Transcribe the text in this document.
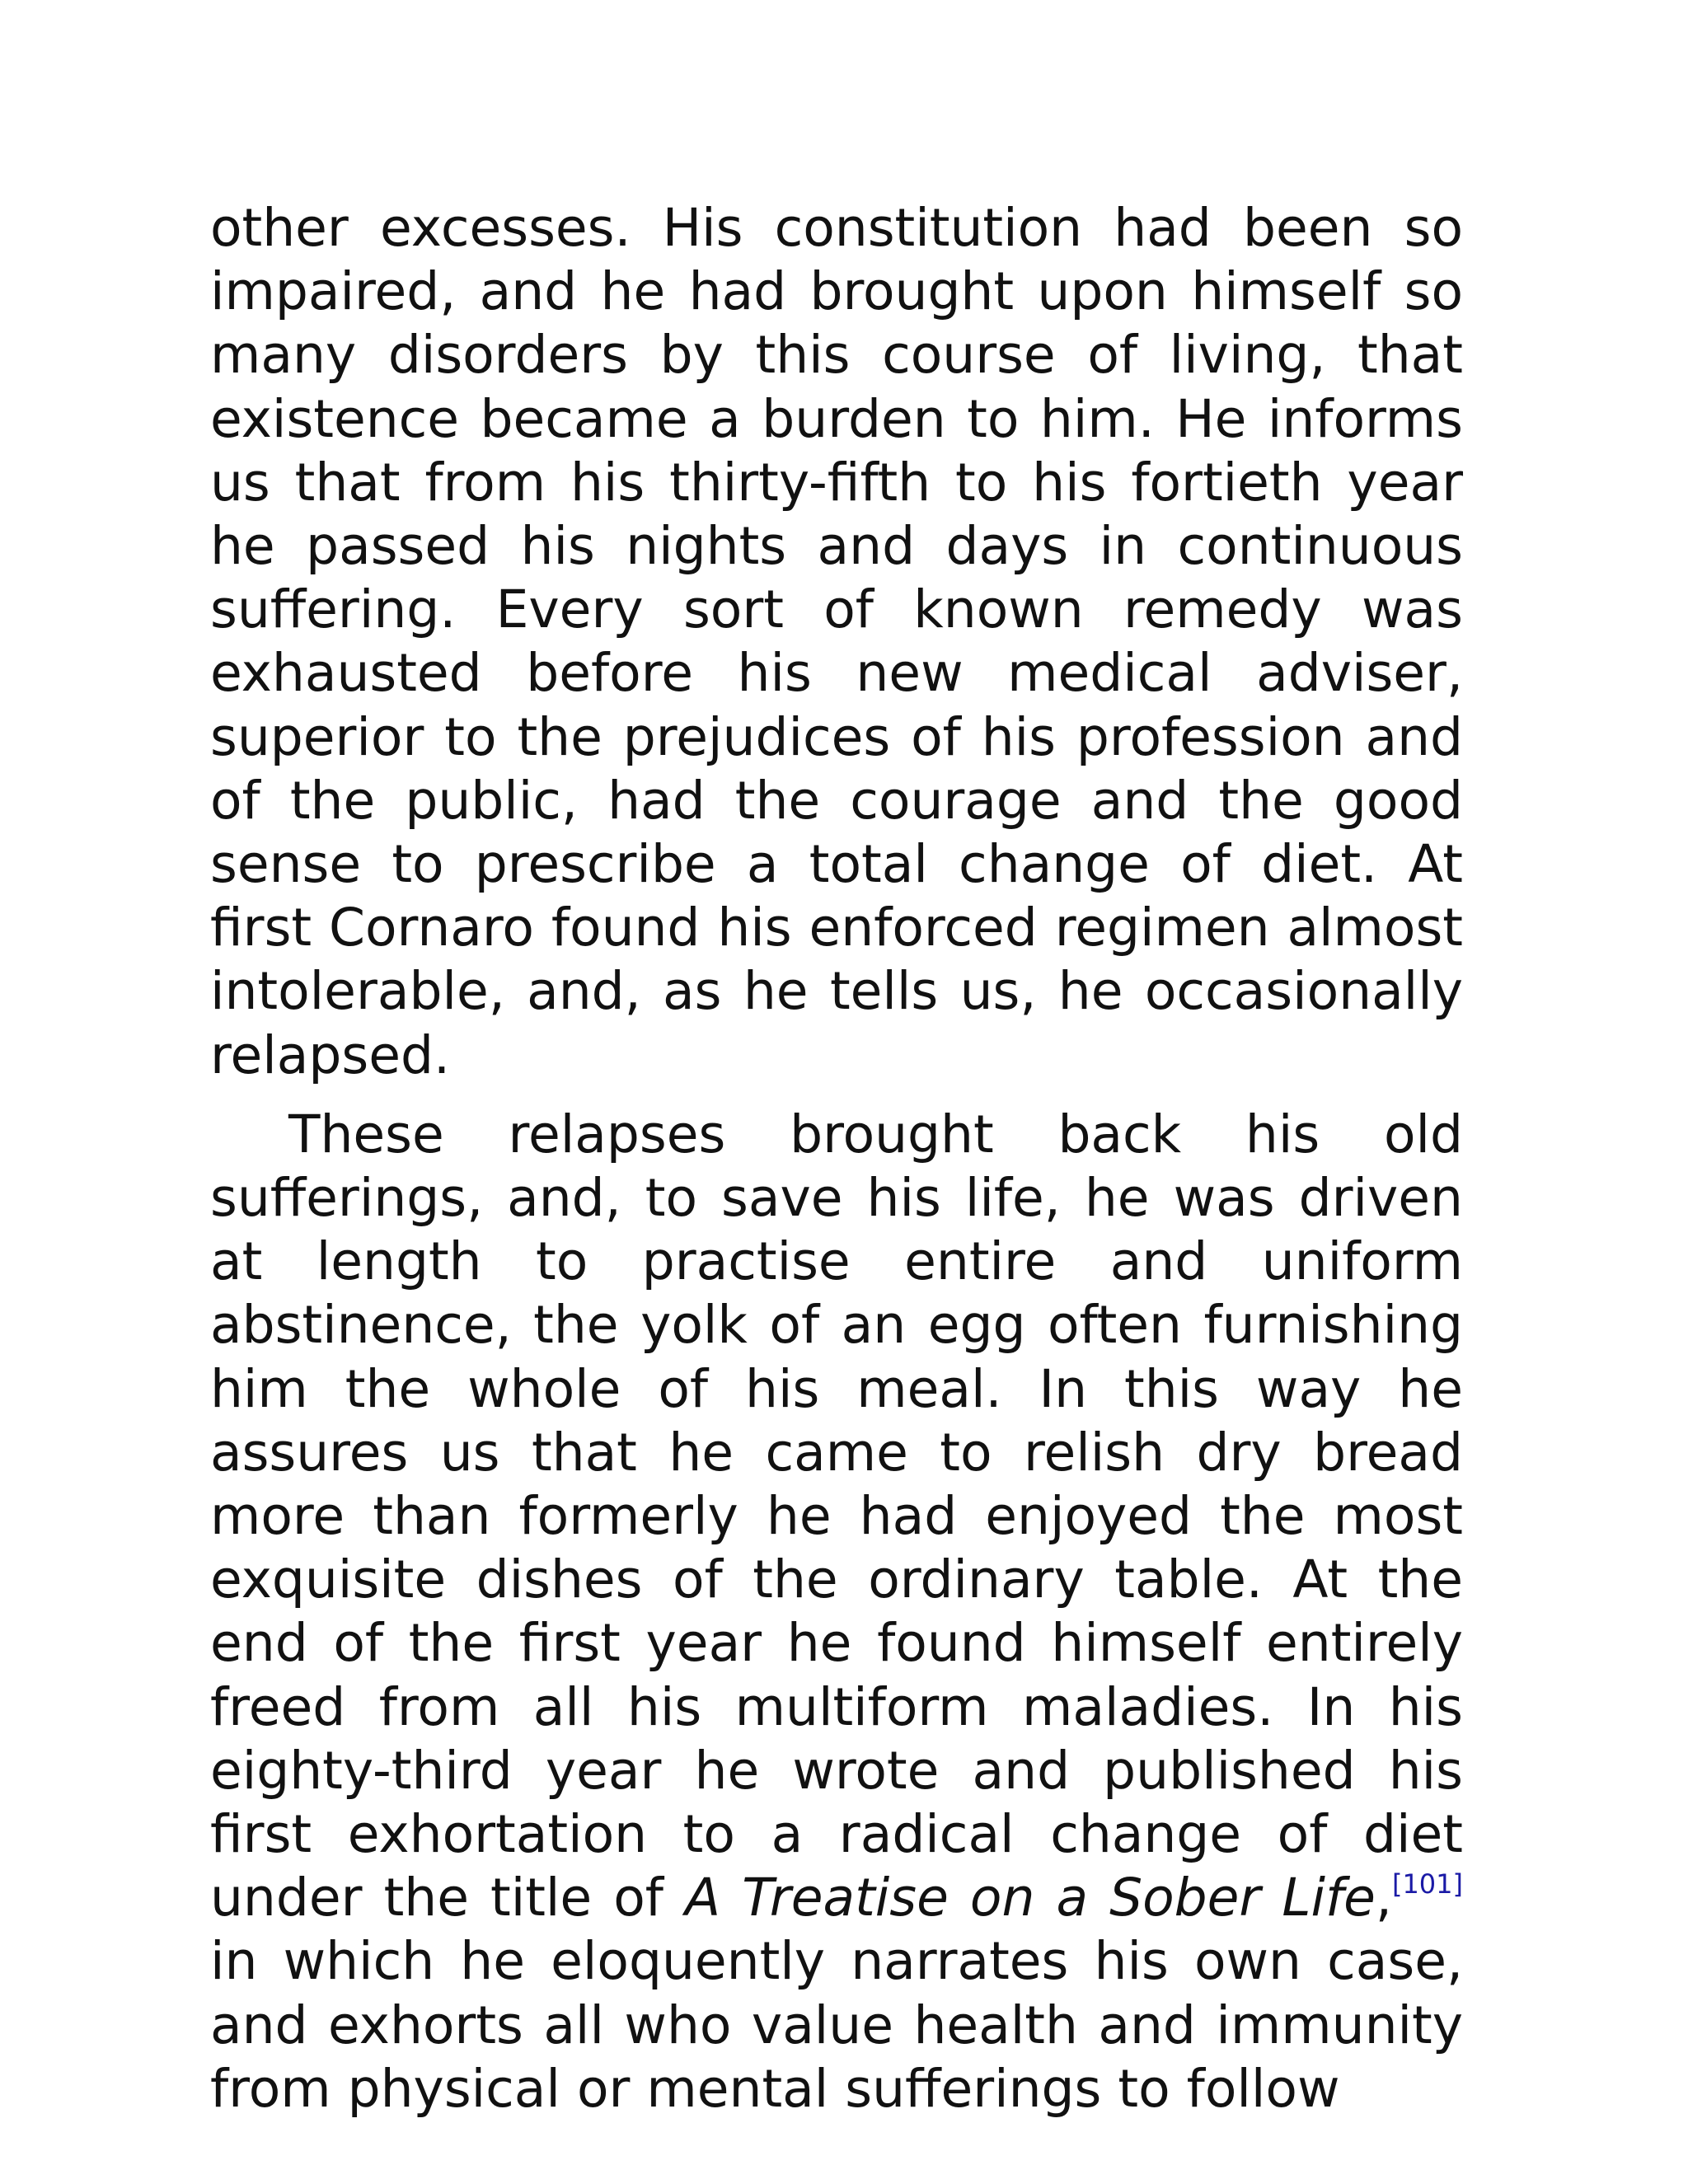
other excesses. His constitution had been so impaired, and he had brought upon himself so many disorders by this course of living, that existence became a burden to him. He informs us that from his thirty-fifth to his fortieth year he passed his nights and days in continuous suffering. Every sort of known remedy was exhausted before his new medical adviser, superior to the prejudices of his profession and of the public, had the courage and the good sense to prescribe a total change of diet. At first Cornaro found his enforced regimen almost intolerable, and, as he tells us, he occasionally relapsed.

These relapses brought back his old sufferings, and, to save his life, he was driven at length to practise entire and uniform abstinence, the yolk of an egg often furnishing him the whole of his meal. In this way he assures us that he came to relish dry bread more than formerly he had enjoyed the most exquisite dishes of the ordinary table. At the end of the first year he found himself entirely freed from all his multiform maladies. In his eighty-third year he wrote and published his first exhortation to a radical change of diet under the title of A Treatise on a Sober Life,[101] in which he eloquently narrates his own case, and exhorts all who value health and immunity from physical or mental sufferings to follow
